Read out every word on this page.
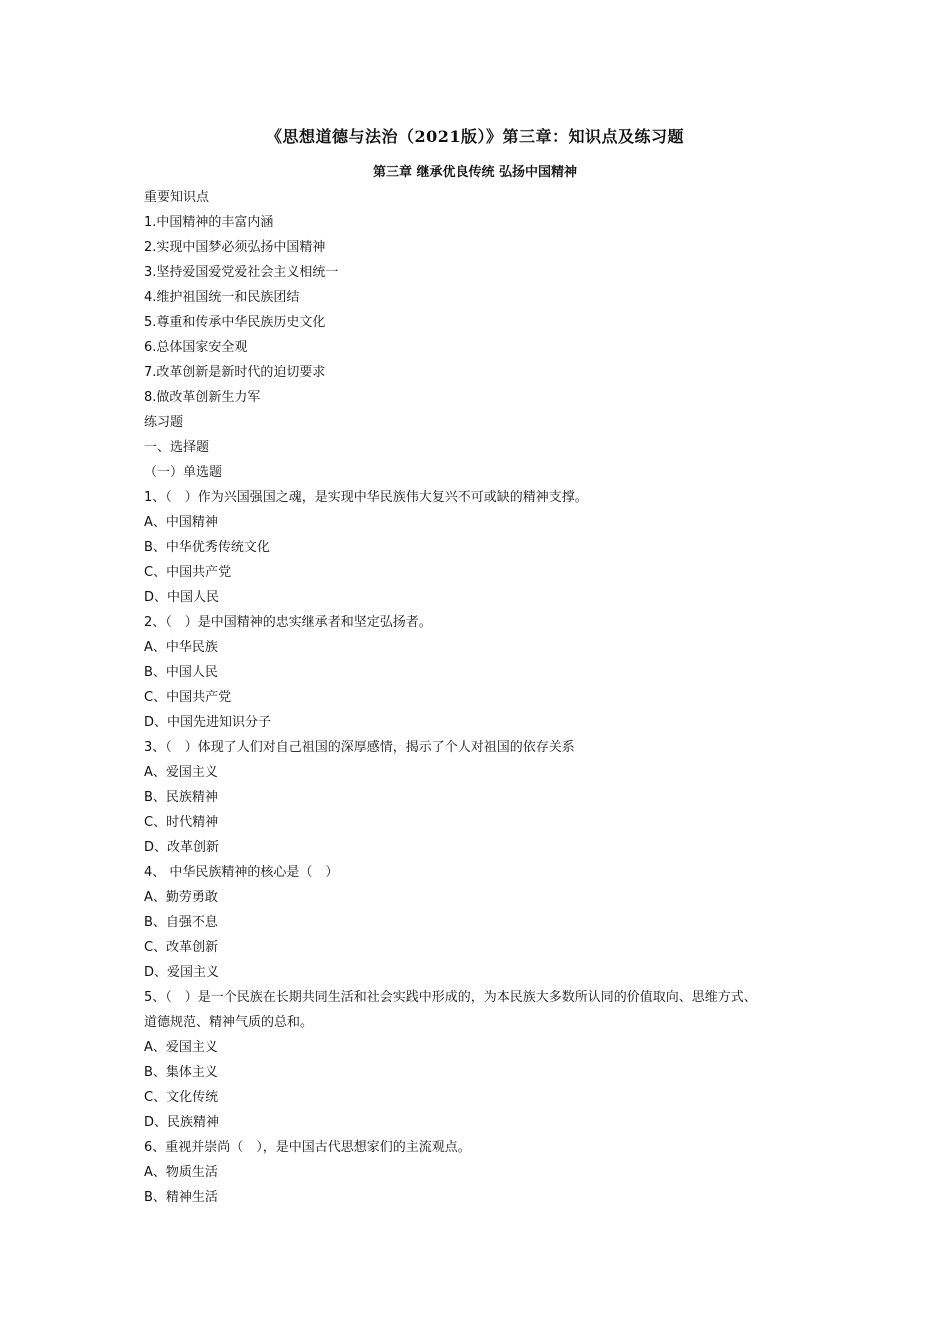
《思想道德与法治（2021版）》第三章：知识点及练习题
第三章 继承优良传统 弘扬中国精神
重要知识点
1.中国精神的丰富内涵
2.实现中国梦必须弘扬中国精神
3.坚持爱国爱党爱社会主义相统一
4.维护祖国统一和民族团结
5.尊重和传承中华民族历史文化
6.总体国家安全观
7.改革创新是新时代的迫切要求
8.做改革创新生力军
练习题
一、选择题
（一）单选题
1、（　）作为兴国强国之魂，是实现中华民族伟大复兴不可或缺的精神支撑。
A、中国精神
B、中华优秀传统文化
C、中国共产党
D、中国人民
2、（　）是中国精神的忠实继承者和坚定弘扬者。
A、中华民族
B、中国人民
C、中国共产党
D、中国先进知识分子
3、（　）体现了人们对自己祖国的深厚感情，揭示了个人对祖国的依存关系
A、爱国主义
B、民族精神
C、时代精神
D、改革创新
4、 中华民族精神的核心是（　）
A、勤劳勇敢
B、自强不息
C、改革创新
D、爱国主义
5、（　）是一个民族在长期共同生活和社会实践中形成的，为本民族大多数所认同的价值取向、思维方式、
道德规范、精神气质的总和。
A、爱国主义
B、集体主义
C、文化传统
D、民族精神
6、重视并崇尚（　），是中国古代思想家们的主流观点。
A、物质生活
B、精神生活
